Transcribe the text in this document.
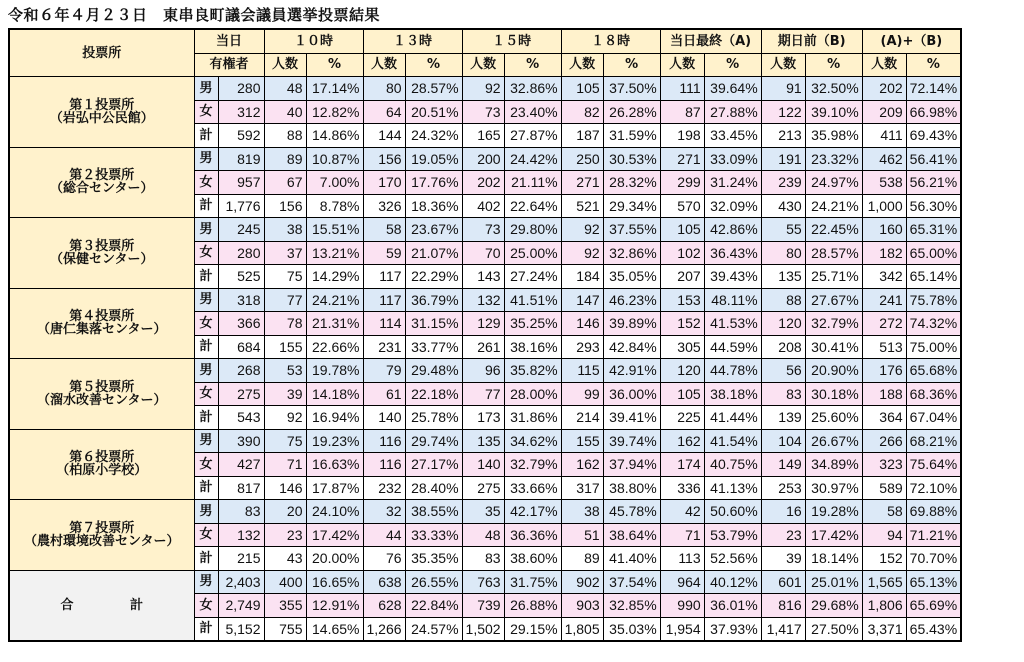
令和６年４月２３日　東串良町議会議員選挙投票結果
投票所	当日		１０時		１３時		１５時		１８時		当日最終（A)		期日前（B)		(A)+（B)	
	有権者		人数	%	人数	%	人数	%	人数	%	人数	%	人数	%	人数	%

第１投票所
（岩弘中公民館）	男	280	48	17.14%	80	28.57%	92	32.86%	105	37.50%	111	39.64%	91	32.50%	202	72.14%
	女	312	40	12.82%	64	20.51%	73	23.40%	82	26.28%	87	27.88%	122	39.10%	209	66.98%
	計	592	88	14.86%	144	24.32%	165	27.87%	187	31.59%	198	33.45%	213	35.98%	411	69.43%

第２投票所
（総合センター）	男	819	89	10.87%	156	19.05%	200	24.42%	250	30.53%	271	33.09%	191	23.32%	462	56.41%
	女	957	67	7.00%	170	17.76%	202	21.11%	271	28.32%	299	31.24%	239	24.97%	538	56.21%
	計	1,776	156	8.78%	326	18.36%	402	22.64%	521	29.34%	570	32.09%	430	24.21%	1,000	56.30%

第３投票所
（保健センター）	男	245	38	15.51%	58	23.67%	73	29.80%	92	37.55%	105	42.86%	55	22.45%	160	65.31%
	女	280	37	13.21%	59	21.07%	70	25.00%	92	32.86%	102	36.43%	80	28.57%	182	65.00%
	計	525	75	14.29%	117	22.29%	143	27.24%	184	35.05%	207	39.43%	135	25.71%	342	65.14%

第４投票所
（唐仁集落センター）	男	318	77	24.21%	117	36.79%	132	41.51%	147	46.23%	153	48.11%	88	27.67%	241	75.78%
	女	366	78	21.31%	114	31.15%	129	35.25%	146	39.89%	152	41.53%	120	32.79%	272	74.32%
	計	684	155	22.66%	231	33.77%	261	38.16%	293	42.84%	305	44.59%	208	30.41%	513	75.00%

第５投票所
（溜水改善センター）	男	268	53	19.78%	79	29.48%	96	35.82%	115	42.91%	120	44.78%	56	20.90%	176	65.68%
	女	275	39	14.18%	61	22.18%	77	28.00%	99	36.00%	105	38.18%	83	30.18%	188	68.36%
	計	543	92	16.94%	140	25.78%	173	31.86%	214	39.41%	225	41.44%	139	25.60%	364	67.04%

第６投票所
（柏原小学校）	男	390	75	19.23%	116	29.74%	135	34.62%	155	39.74%	162	41.54%	104	26.67%	266	68.21%
	女	427	71	16.63%	116	27.17%	140	32.79%	162	37.94%	174	40.75%	149	34.89%	323	75.64%
	計	817	146	17.87%	232	28.40%	275	33.66%	317	38.80%	336	41.13%	253	30.97%	589	72.10%

第７投票所
（農村環境改善センター）	男	83	20	24.10%	32	38.55%	35	42.17%	38	45.78%	42	50.60%	16	19.28%	58	69.88%
	女	132	23	17.42%	44	33.33%	48	36.36%	51	38.64%	71	53.79%	23	17.42%	94	71.21%
	計	215	43	20.00%	76	35.35%	83	38.60%	89	41.40%	113	52.56%	39	18.14%	152	70.70%
合 計	男	2,403	400	16.65%	638	26.55%	763	31.75%	902	37.54%	964	40.12%	601	25.01%	1,565	65.13%
	女	2,749	355	12.91%	628	22.84%	739	26.88%	903	32.85%	990	36.01%	816	29.68%	1,806	65.69%
	計	5,152	755	14.65%	1,266	24.57%	1,502	29.15%	1,805	35.03%	1,954	37.93%	1,417	27.50%	3,371	65.43%
